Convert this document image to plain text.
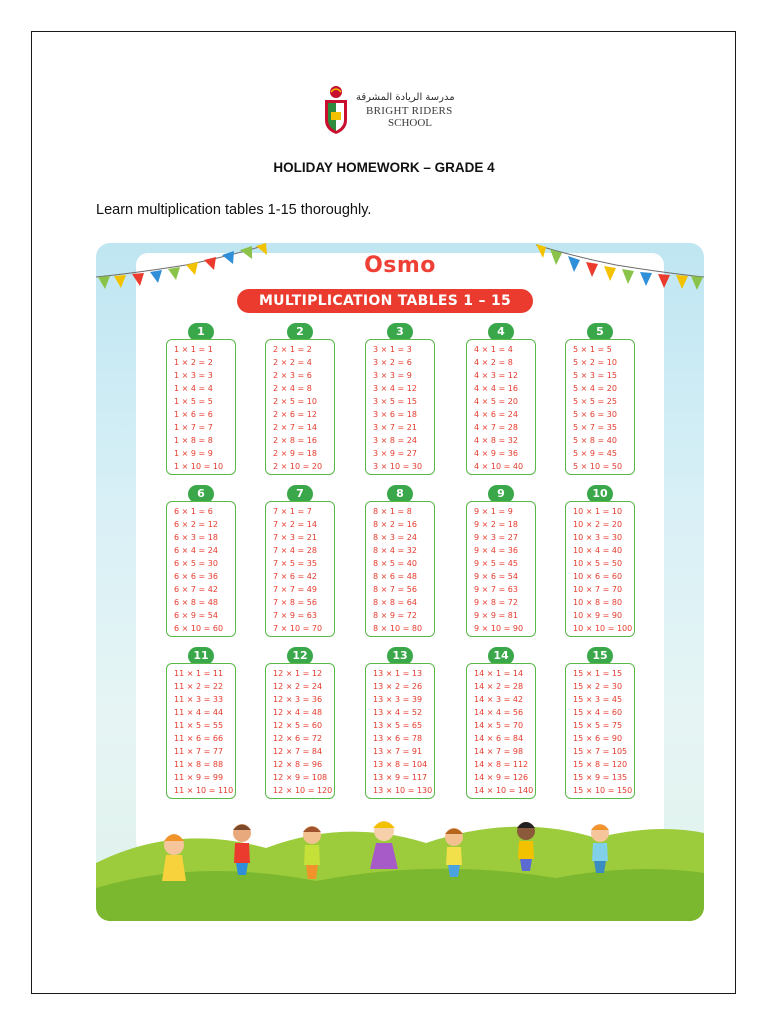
مدرسة الريادة المشرقة
BRIGHT RIDERS
SCHOOL
HOLIDAY HOMEWORK – GRADE 4
Learn multiplication tables 1-15 thoroughly.
Osmo
MULTIPLICATION TABLES 1 – 15
1
1 × 1 = 1
1 × 2 = 2
1 × 3 = 3
1 × 4 = 4
1 × 5 = 5
1 × 6 = 6
1 × 7 = 7
1 × 8 = 8
1 × 9 = 9
1 × 10 = 10
2
2 × 1 = 2
2 × 2 = 4
2 × 3 = 6
2 × 4 = 8
2 × 5 = 10
2 × 6 = 12
2 × 7 = 14
2 × 8 = 16
2 × 9 = 18
2 × 10 = 20
3
3 × 1 = 3
3 × 2 = 6
3 × 3 = 9
3 × 4 = 12
3 × 5 = 15
3 × 6 = 18
3 × 7 = 21
3 × 8 = 24
3 × 9 = 27
3 × 10 = 30
4
4 × 1 = 4
4 × 2 = 8
4 × 3 = 12
4 × 4 = 16
4 × 5 = 20
4 × 6 = 24
4 × 7 = 28
4 × 8 = 32
4 × 9 = 36
4 × 10 = 40
5
5 × 1 = 5
5 × 2 = 10
5 × 3 = 15
5 × 4 = 20
5 × 5 = 25
5 × 6 = 30
5 × 7 = 35
5 × 8 = 40
5 × 9 = 45
5 × 10 = 50
6
6 × 1 = 6
6 × 2 = 12
6 × 3 = 18
6 × 4 = 24
6 × 5 = 30
6 × 6 = 36
6 × 7 = 42
6 × 8 = 48
6 × 9 = 54
6 × 10 = 60
7
7 × 1 = 7
7 × 2 = 14
7 × 3 = 21
7 × 4 = 28
7 × 5 = 35
7 × 6 = 42
7 × 7 = 49
7 × 8 = 56
7 × 9 = 63
7 × 10 = 70
8
8 × 1 = 8
8 × 2 = 16
8 × 3 = 24
8 × 4 = 32
8 × 5 = 40
8 × 6 = 48
8 × 7 = 56
8 × 8 = 64
8 × 9 = 72
8 × 10 = 80
9
9 × 1 = 9
9 × 2 = 18
9 × 3 = 27
9 × 4 = 36
9 × 5 = 45
9 × 6 = 54
9 × 7 = 63
9 × 8 = 72
9 × 9 = 81
9 × 10 = 90
10
10 × 1 = 10
10 × 2 = 20
10 × 3 = 30
10 × 4 = 40
10 × 5 = 50
10 × 6 = 60
10 × 7 = 70
10 × 8 = 80
10 × 9 = 90
10 × 10 = 100
11
11 × 1 = 11
11 × 2 = 22
11 × 3 = 33
11 × 4 = 44
11 × 5 = 55
11 × 6 = 66
11 × 7 = 77
11 × 8 = 88
11 × 9 = 99
11 × 10 = 110
12
12 × 1 = 12
12 × 2 = 24
12 × 3 = 36
12 × 4 = 48
12 × 5 = 60
12 × 6 = 72
12 × 7 = 84
12 × 8 = 96
12 × 9 = 108
12 × 10 = 120
13
13 × 1 = 13
13 × 2 = 26
13 × 3 = 39
13 × 4 = 52
13 × 5 = 65
13 × 6 = 78
13 × 7 = 91
13 × 8 = 104
13 × 9 = 117
13 × 10 = 130
14
14 × 1 = 14
14 × 2 = 28
14 × 3 = 42
14 × 4 = 56
14 × 5 = 70
14 × 6 = 84
14 × 7 = 98
14 × 8 = 112
14 × 9 = 126
14 × 10 = 140
15
15 × 1 = 15
15 × 2 = 30
15 × 3 = 45
15 × 4 = 60
15 × 5 = 75
15 × 6 = 90
15 × 7 = 105
15 × 8 = 120
15 × 9 = 135
15 × 10 = 150
